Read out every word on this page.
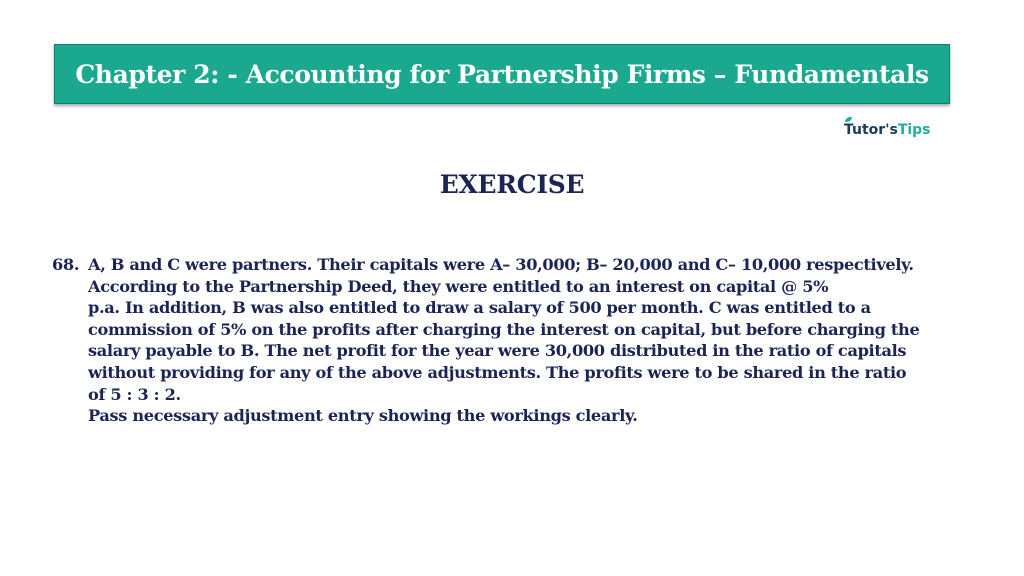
Chapter 2: - Accounting for Partnership Firms – Fundamentals
Tutor'sTips
EXERCISE
68. A, B and C were partners. Their capitals were A– 30,000; B– 20,000 and C– 10,000 respectively.
According to the Partnership Deed, they were entitled to an interest on capital @ 5%
p.a. In addition, B was also entitled to draw a salary of 500 per month. C was entitled to a
commission of 5% on the profits after charging the interest on capital, but before charging the
salary payable to B. The net profit for the year were 30,000 distributed in the ratio of capitals
without providing for any of the above adjustments. The profits were to be shared in the ratio
of 5 : 3 : 2.
Pass necessary adjustment entry showing the workings clearly.
